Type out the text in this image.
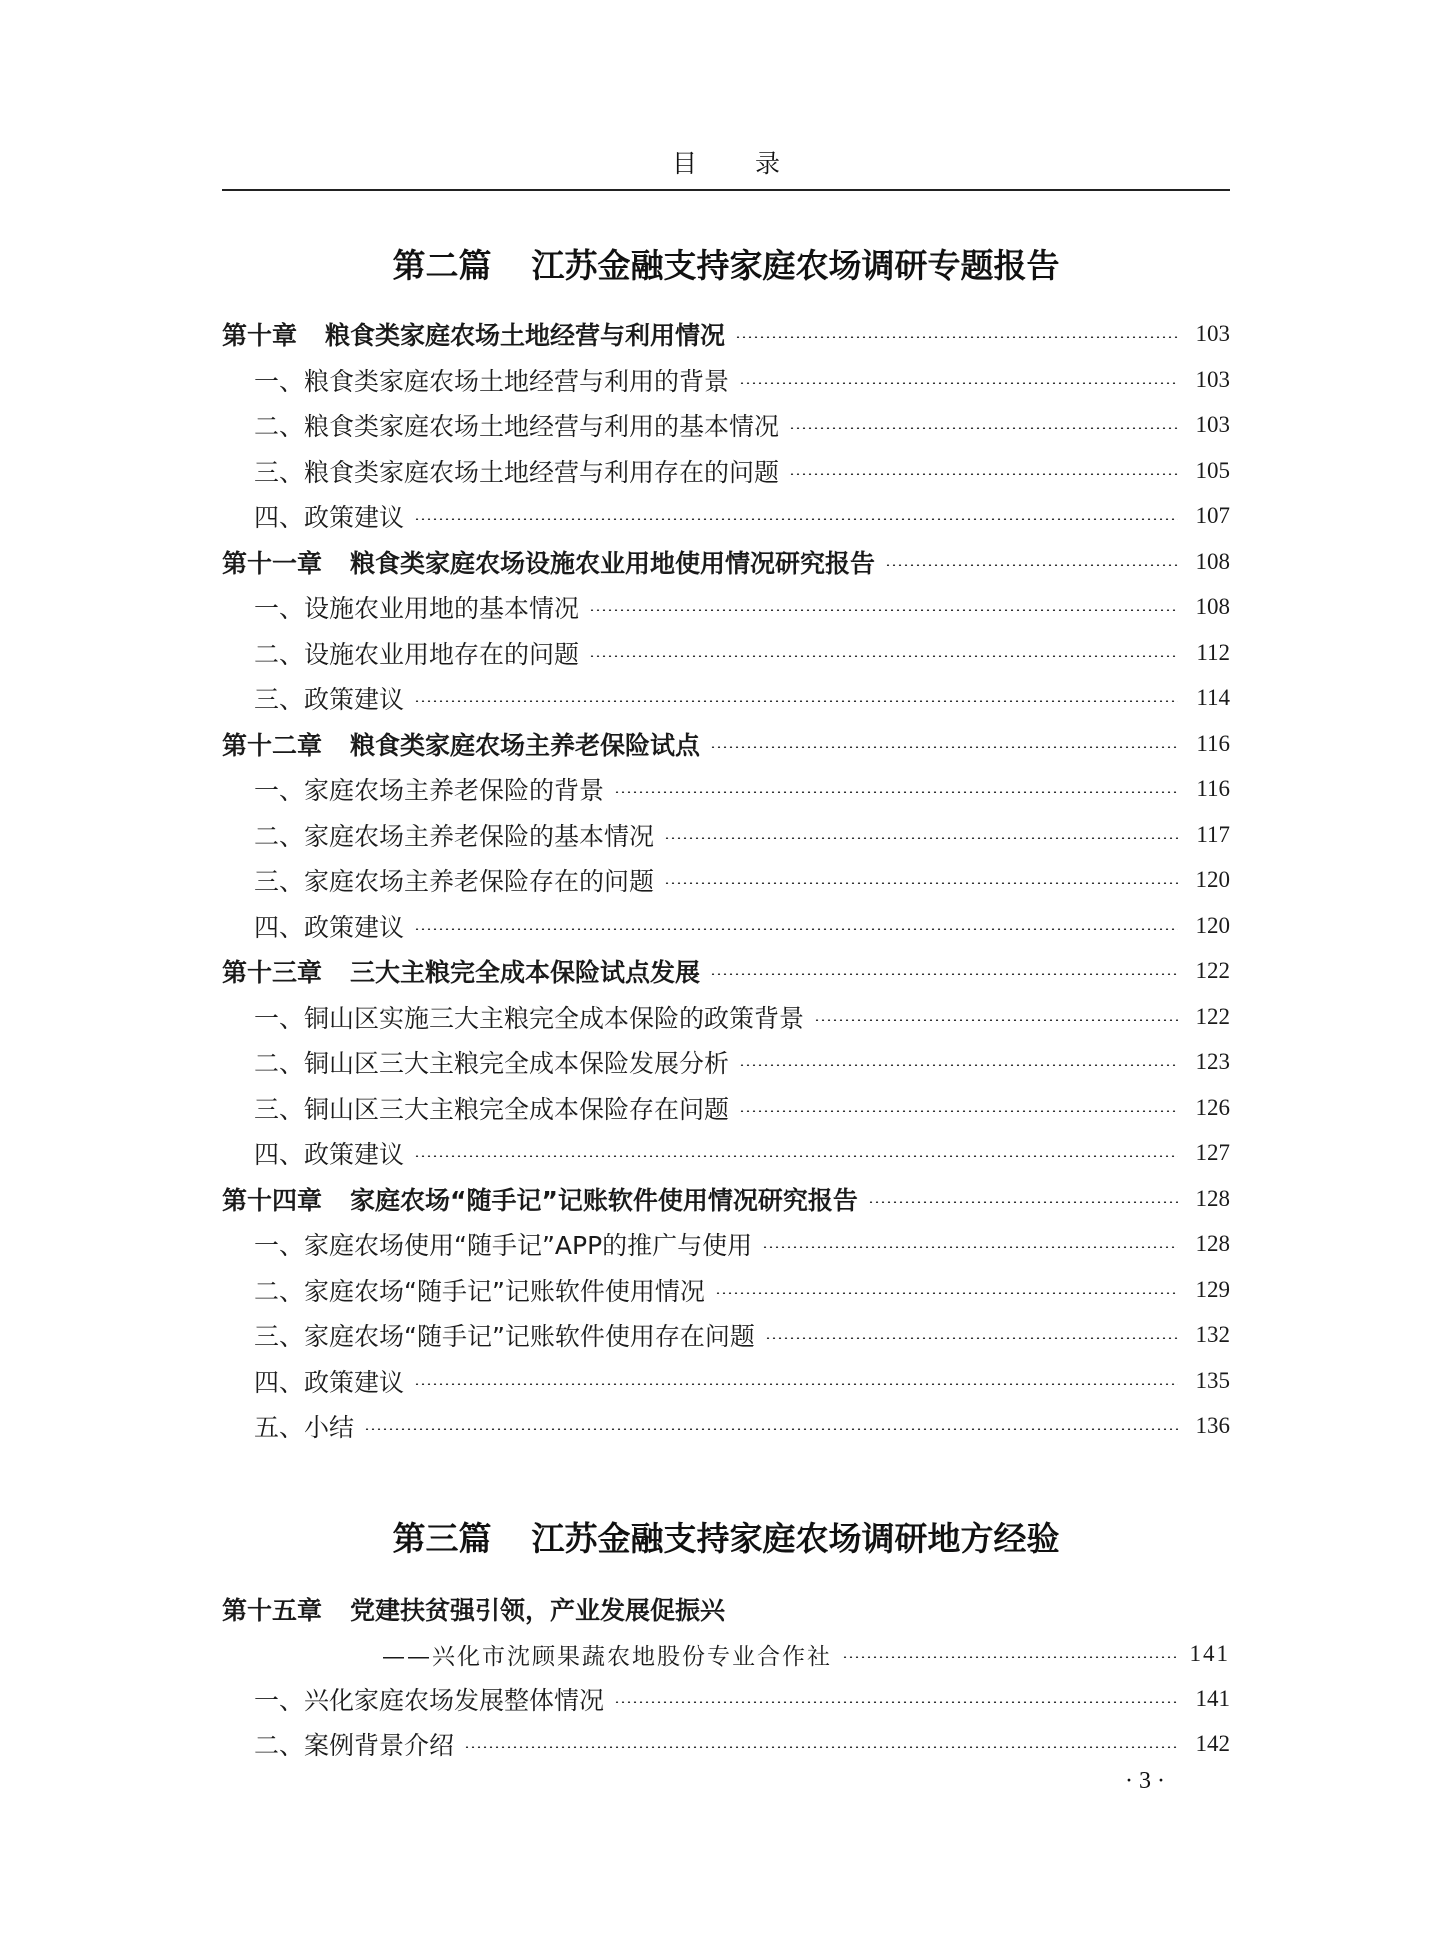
目 录
第二篇 江苏金融支持家庭农场调研专题报告
第十章 粮食类家庭农场土地经营与利用情况	103
一、粮食类家庭农场土地经营与利用的背景	103
二、粮食类家庭农场土地经营与利用的基本情况	103
三、粮食类家庭农场土地经营与利用存在的问题	105
四、政策建议	107
第十一章 粮食类家庭农场设施农业用地使用情况研究报告	108
一、设施农业用地的基本情况	108
二、设施农业用地存在的问题	112
三、政策建议	114
第十二章 粮食类家庭农场主养老保险试点	116
一、家庭农场主养老保险的背景	116
二、家庭农场主养老保险的基本情况	117
三、家庭农场主养老保险存在的问题	120
四、政策建议	120
第十三章 三大主粮完全成本保险试点发展	122
一、铜山区实施三大主粮完全成本保险的政策背景	122
二、铜山区三大主粮完全成本保险发展分析	123
三、铜山区三大主粮完全成本保险存在问题	126
四、政策建议	127
第十四章 家庭农场“随手记”记账软件使用情况研究报告	128
一、家庭农场使用“随手记”APP的推广与使用	128
二、家庭农场“随手记”记账软件使用情况	129
三、家庭农场“随手记”记账软件使用存在问题	132
四、政策建议	135
五、小结	136
第三篇 江苏金融支持家庭农场调研地方经验
第十五章 党建扶贫强引领，产业发展促振兴
——兴化市沈顾果蔬农地股份专业合作社	141
一、兴化家庭农场发展整体情况	141
二、案例背景介绍	142
· 3 ·
